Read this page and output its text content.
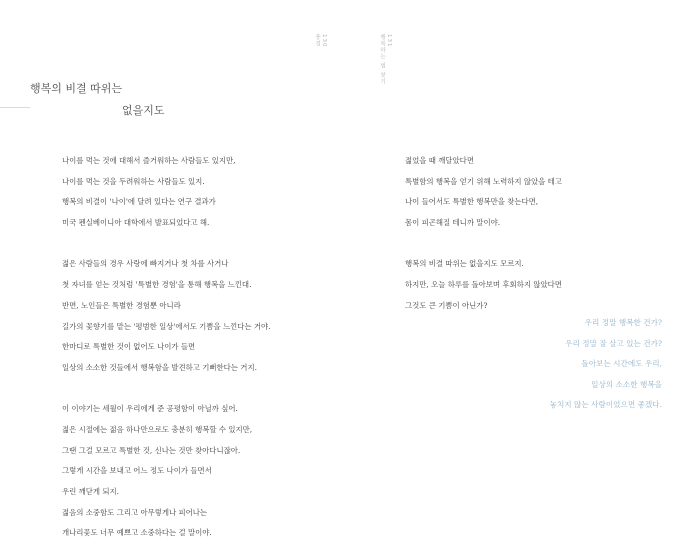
130
풍경	131
행복하는 법 찾기
행복의 비결 따위는
없을지도
나이를 먹는 것에 대해서 즐거워하는 사람들도 있지만,
나이를 먹는 것을 두려워하는 사람들도 있지.
행복의 비결이 '나이'에 달려 있다는 연구 결과가
미국 펜실베이니아 대학에서 발표되었다고 해.
젊은 사람들의 경우 사랑에 빠지거나 첫 차를 사거나
첫 자녀를 얻는 것처럼 '특별한 경험'을 통해 행복을 느낀대.
반면, 노인들은 특별한 경험뿐 아니라
길가의 꽃향기를 맡는 '평범한 일상'에서도 기쁨을 느낀다는 거야.
한마디로 특별한 것이 없어도 나이가 들면
일상의 소소한 것들에서 행복함을 발견하고 기뻐한다는 거지.
이 이야기는 세월이 우리에게 준 공평함이 아닐까 싶어.
젊은 시절에는 젊음 하나만으로도 충분히 행복할 수 있지만,
그땐 그걸 모르고 특별한 것, 신나는 것만 찾아다니잖아.
그렇게 시간을 보내고 어느 정도 나이가 들면서
우린 깨닫게 되지.
젊음의 소중함도 그리고 아무렇게나 피어나는
개나리꽃도 너무 예쁘고 소중하다는 걸 말이야.
젊었을 때 깨달았다면
특별함의 행복을 얻기 위해 노력하지 않았을 테고
나이 들어서도 특별한 행복만을 찾는다면,
몸이 피곤해질 테니까 말이야.
행복의 비결 따위는 없을지도 모르지.
하지만, 오늘 하루를 돌아보며 후회하지 않았다면
그것도 큰 기쁨이 아닌가?
우리 정말 행복한 건가?
우리 정말 잘 살고 있는 건가?
돌아보는 시간에도 우리,
일상의 소소한 행복을
놓치지 않는 사람이었으면 좋겠다.
